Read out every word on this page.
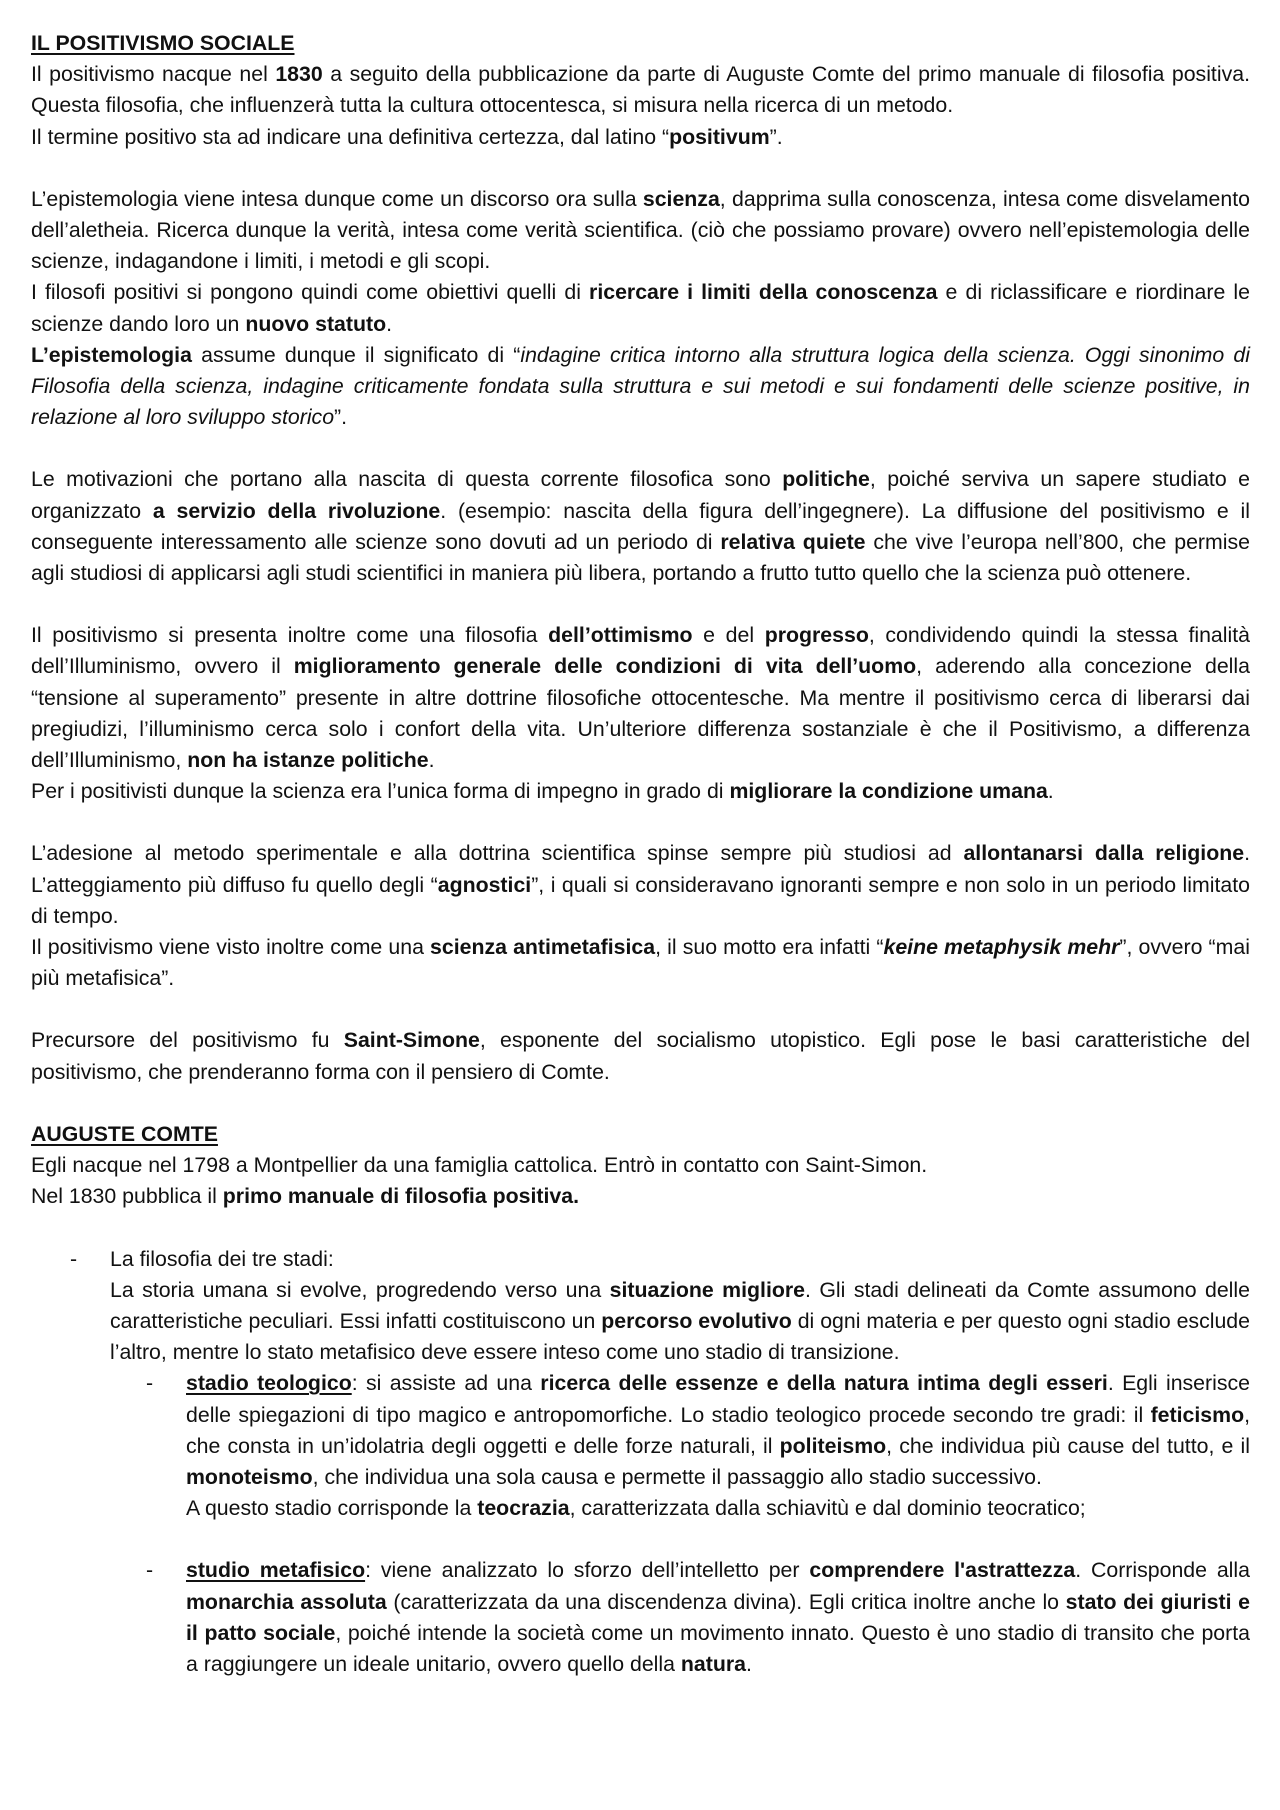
IL POSITIVISMO SOCIALE

Il positivismo nacque nel 1830 a seguito della pubblicazione da parte di Auguste Comte del primo manuale di filosofia positiva. Questa filosofia, che influenzerà tutta la cultura ottocentesca, si misura nella ricerca di un metodo.

Il termine positivo sta ad indicare una definitiva certezza, dal latino “positivum”.

L’epistemologia viene intesa dunque come un discorso ora sulla scienza, dapprima sulla conoscenza, intesa come disvelamento dell’aletheia. Ricerca dunque la verità, intesa come verità scientifica. (ciò che possiamo provare) ovvero nell’epistemologia delle scienze, indagandone i limiti, i metodi e gli scopi.

I filosofi positivi si pongono quindi come obiettivi quelli di ricercare i limiti della conoscenza e di riclassificare e riordinare le scienze dando loro un nuovo statuto.

L’epistemologia assume dunque il significato di “indagine critica intorno alla struttura logica della scienza. Oggi sinonimo di Filosofia della scienza, indagine criticamente fondata sulla struttura e sui metodi e sui fondamenti delle scienze positive, in relazione al loro sviluppo storico”.

Le motivazioni che portano alla nascita di questa corrente filosofica sono politiche, poiché serviva un sapere studiato e organizzato a servizio della rivoluzione. (esempio: nascita della figura dell’ingegnere). La diffusione del positivismo e il conseguente interessamento alle scienze sono dovuti ad un periodo di relativa quiete che vive l’europa nell’800, che permise agli studiosi di applicarsi agli studi scientifici in maniera più libera, portando a frutto tutto quello che la scienza può ottenere.

Il positivismo si presenta inoltre come una filosofia dell’ottimismo e del progresso, condividendo quindi la stessa finalità dell’Illuminismo, ovvero il miglioramento generale delle condizioni di vita dell’uomo, aderendo alla concezione della “tensione al superamento” presente in altre dottrine filosofiche ottocentesche. Ma mentre il positivismo cerca di liberarsi dai pregiudizi, l’illuminismo cerca solo i confort della vita. Un’ulteriore differenza sostanziale è che il Positivismo, a differenza dell’Illuminismo, non ha istanze politiche.

Per i positivisti dunque la scienza era l’unica forma di impegno in grado di migliorare la condizione umana.

L’adesione al metodo sperimentale e alla dottrina scientifica spinse sempre più studiosi ad allontanarsi dalla religione. L’atteggiamento più diffuso fu quello degli “agnostici”, i quali si consideravano ignoranti sempre e non solo in un periodo limitato di tempo.

Il positivismo viene visto inoltre come una scienza antimetafisica, il suo motto era infatti “keine metaphysik mehr”, ovvero “mai più metafisica”.

Precursore del positivismo fu Saint-Simone, esponente del socialismo utopistico. Egli pose le basi caratteristiche del positivismo, che prenderanno forma con il pensiero di Comte.

AUGUSTE COMTE

Egli nacque nel 1798 a Montpellier da una famiglia cattolica. Entrò in contatto con Saint-Simon.

Nel 1830 pubblica il primo manuale di filosofia positiva.

-	La filosofia dei tre stadi:

La storia umana si evolve, progredendo verso una situazione migliore. Gli stadi delineati da Comte assumono delle caratteristiche peculiari. Essi infatti costituiscono un percorso evolutivo di ogni materia e per questo ogni stadio esclude l’altro, mentre lo stato metafisico deve essere inteso come uno stadio di transizione.

-	stadio teologico: si assiste ad una ricerca delle essenze e della natura intima degli esseri. Egli inserisce delle spiegazioni di tipo magico e antropomorfiche. Lo stadio teologico procede secondo tre gradi: il feticismo, che consta in un’idolatria degli oggetti e delle forze naturali, il politeismo, che individua più cause del tutto, e il monoteismo, che individua una sola causa e permette il passaggio allo stadio successivo.

A questo stadio corrisponde la teocrazia, caratterizzata dalla schiavitù e dal dominio teocratico;

-	studio metafisico: viene analizzato lo sforzo dell’intelletto per comprendere l'astrattezza. Corrisponde alla monarchia assoluta (caratterizzata da una discendenza divina). Egli critica inoltre anche lo stato dei giuristi e il patto sociale, poiché intende la società come un movimento innato. Questo è uno stadio di transito che porta a raggiungere un ideale unitario, ovvero quello della natura.
